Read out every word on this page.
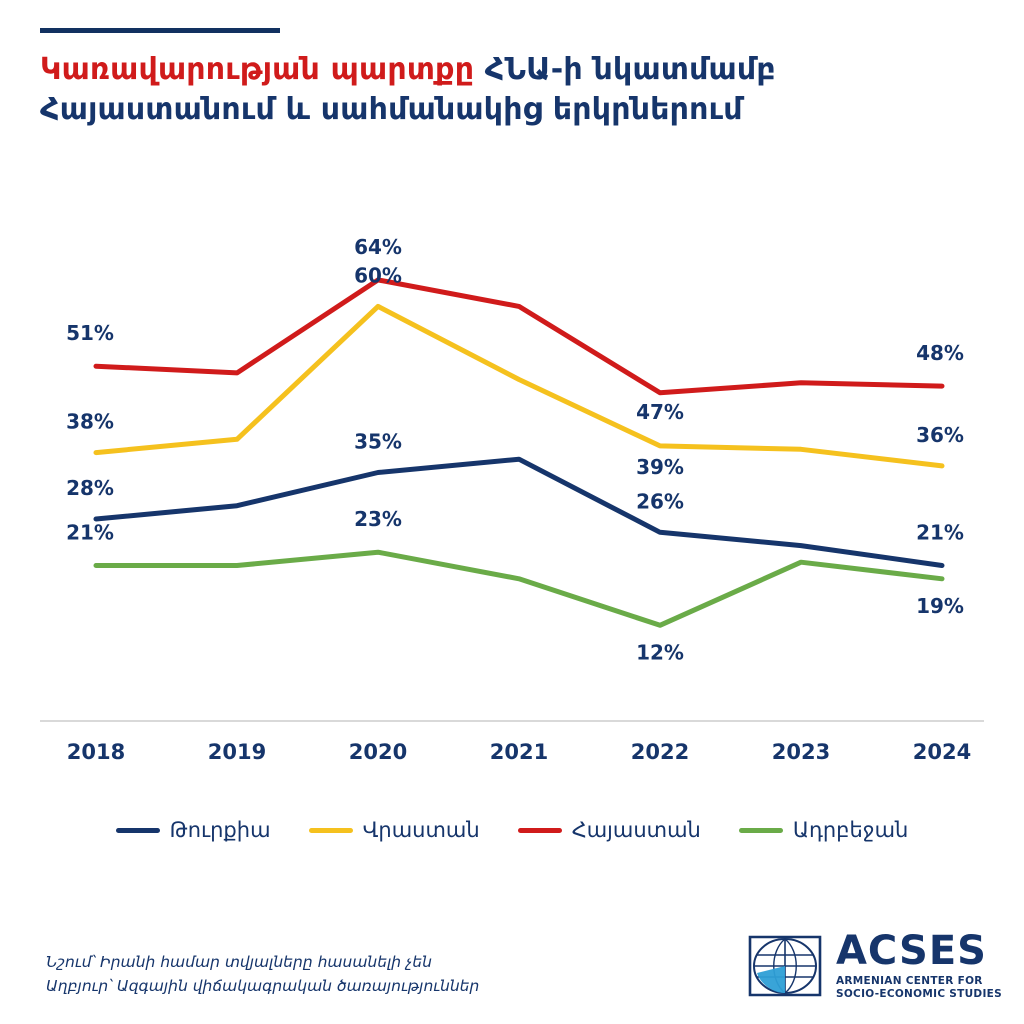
Կառավարության պարտքը ՀՆԱ-ի նկատմամբ
Հայաստանում և սահմանակից երկրներում
28%
35%
26%
21%
38%
60%
39%
36%
51%
64%
47%
48%
21%
23%
12%
19%
2018	2019	2020	2021	2022	2023	2024
Թուրքիա	Վրաստան	Հայաստան	Ադրբեջան
Նշում՝ Իրանի համար տվյալները հասանելի չեն
Աղբյուր՝ Ազգային վիճակագրական ծառայություններ
ACSES
ARMENIAN CENTER FOR
SOCIO-ECONOMIC STUDIES
